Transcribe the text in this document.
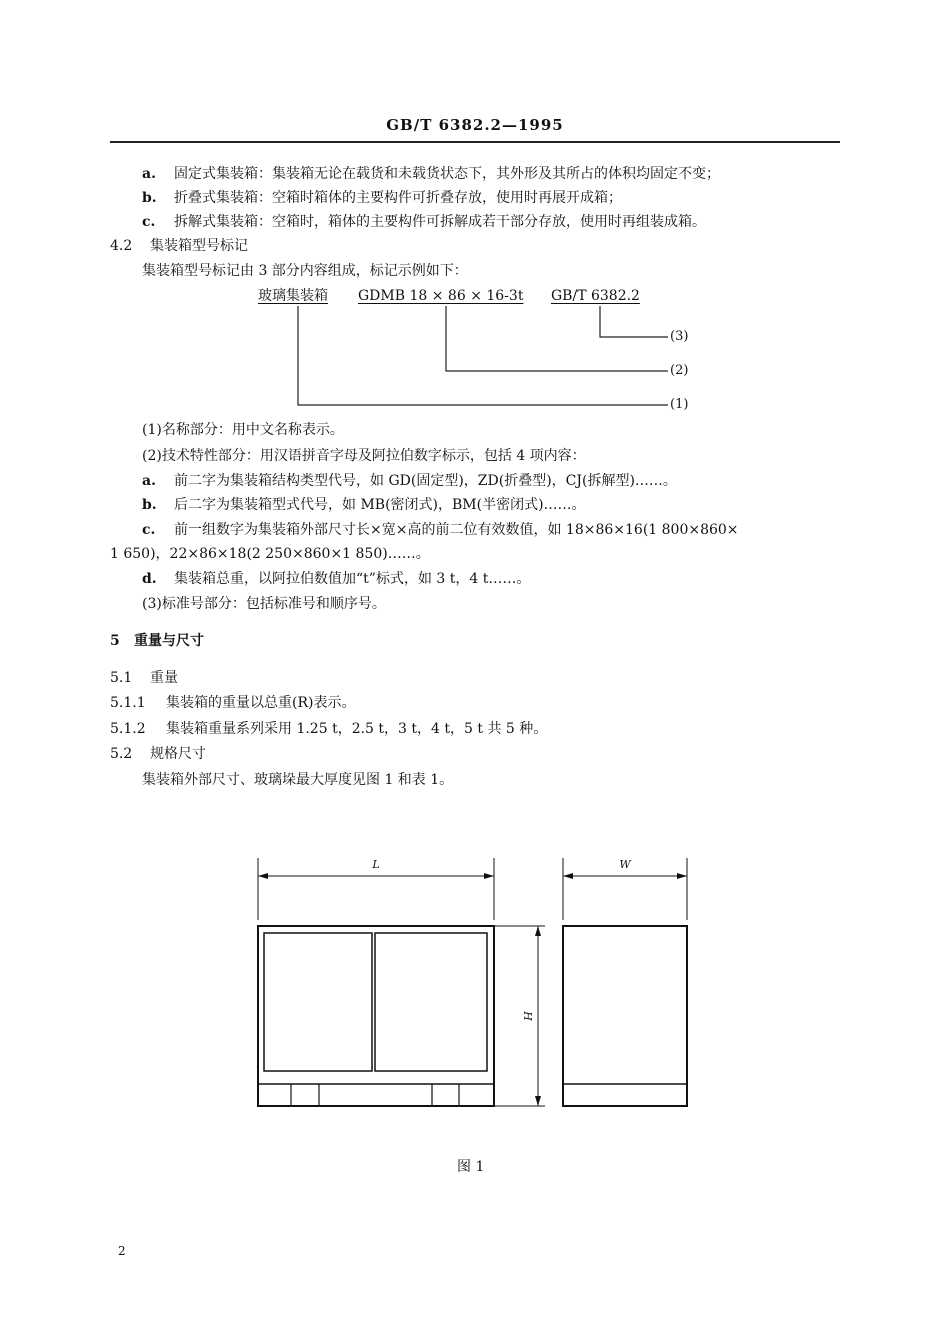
GB/T 6382.2—1995
a. 固定式集装箱：集装箱无论在载货和未载货状态下，其外形及其所占的体积均固定不变；
b. 折叠式集装箱：空箱时箱体的主要构件可折叠存放，使用时再展开成箱；
c. 拆解式集装箱：空箱时，箱体的主要构件可拆解成若干部分存放，使用时再组装成箱。
4.2 集装箱型号标记
集装箱型号标记由 3 部分内容组成，标记示例如下：
玻璃集装箱 GDMB 18 × 86 × 16-3t GB/T 6382.2
(3)
(2)
(1)
(1)名称部分：用中文名称表示。
(2)技术特性部分：用汉语拼音字母及阿拉伯数字标示，包括 4 项内容：
a. 前二字为集装箱结构类型代号，如 GD(固定型)，ZD(折叠型)，CJ(拆解型)……。
b. 后二字为集装箱型式代号，如 MB(密闭式)，BM(半密闭式)……。
c. 前一组数字为集装箱外部尺寸长×宽×高的前二位有效数值，如 18×86×16(1 800×860×
1 650)，22×86×18(2 250×860×1 850)……。
d. 集装箱总重，以阿拉伯数值加“t”标式，如 3 t，4 t……。
(3)标准号部分：包括标准号和顺序号。
5 重量与尺寸
5.1 重量
5.1.1 集装箱的重量以总重(R)表示。
5.1.2 集装箱重量系列采用 1.25 t，2.5 t，3 t，4 t，5 t 共 5 种。
5.2 规格尺寸
集装箱外部尺寸、玻璃垛最大厚度见图 1 和表 1。
L	W
H
图 1
2
